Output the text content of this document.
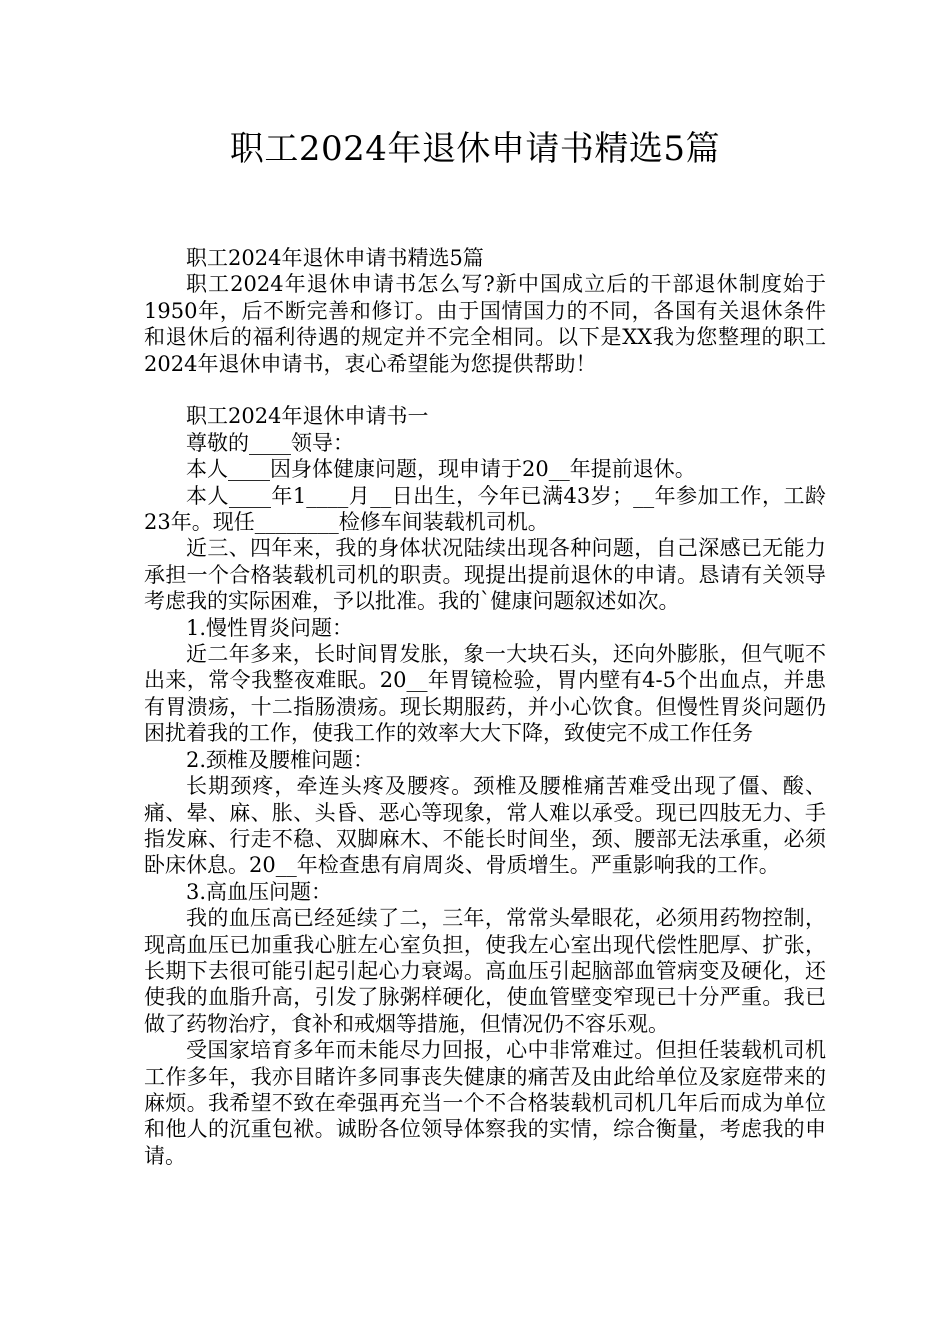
职工2024年退休申请书精选5篇

职工2024年退休申请书精选5篇

职工2024年退休申请书怎么写?新中国成立后的干部退休制度始于1950年，后不断完善和修订。由于国情国力的不同，各国有关退休条件和退休后的福利待遇的规定并不完全相同。以下是XX我为您整理的职工2024年退休申请书，衷心希望能为您提供帮助！

职工2024年退休申请书一

尊敬的____领导：

本人____因身体健康问题，现申请于20__年提前退休。

本人____年1____月__日出生，今年已满43岁；__年参加工作，工龄23年。现任________检修车间装载机司机。

近三、四年来，我的身体状况陆续出现各种问题，自己深感已无能力承担一个合格装载机司机的职责。现提出提前退休的申请。恳请有关领导考虑我的实际困难，予以批准。我的`健康问题叙述如次。

1.慢性胃炎问题：

近二年多来，长时间胃发胀，象一大块石头，还向外膨胀，但气呃不出来，常令我整夜难眠。20__年胃镜检验，胃内壁有4-5个出血点，并患有胃溃疡，十二指肠溃疡。现长期服药，并小心饮食。但慢性胃炎问题仍困扰着我的工作，使我工作的效率大大下降，致使完不成工作任务

2.颈椎及腰椎问题：

长期颈疼，牵连头疼及腰疼。颈椎及腰椎痛苦难受出现了僵、酸、痛、晕、麻、胀、头昏、恶心等现象，常人难以承受。现已四肢无力、手指发麻、行走不稳、双脚麻木、不能长时间坐，颈、腰部无法承重，必须卧床休息。20__年检查患有肩周炎、骨质增生。严重影响我的工作。

3.高血压问题：

我的血压高已经延续了二，三年，常常头晕眼花，必须用药物控制，现高血压已加重我心脏左心室负担，使我左心室出现代偿性肥厚、扩张，长期下去很可能引起引起心力衰竭。高血压引起脑部血管病变及硬化，还使我的血脂升高，引发了脉粥样硬化，使血管壁变窄现已十分严重。我已做了药物治疗，食补和戒烟等措施，但情况仍不容乐观。

受国家培育多年而未能尽力回报，心中非常难过。但担任装载机司机工作多年，我亦目睹许多同事丧失健康的痛苦及由此给单位及家庭带来的麻烦。我希望不致在牵强再充当一个不合格装载机司机几年后而成为单位和他人的沉重包袱。诚盼各位领导体察我的实情，综合衡量，考虑我的申请。
